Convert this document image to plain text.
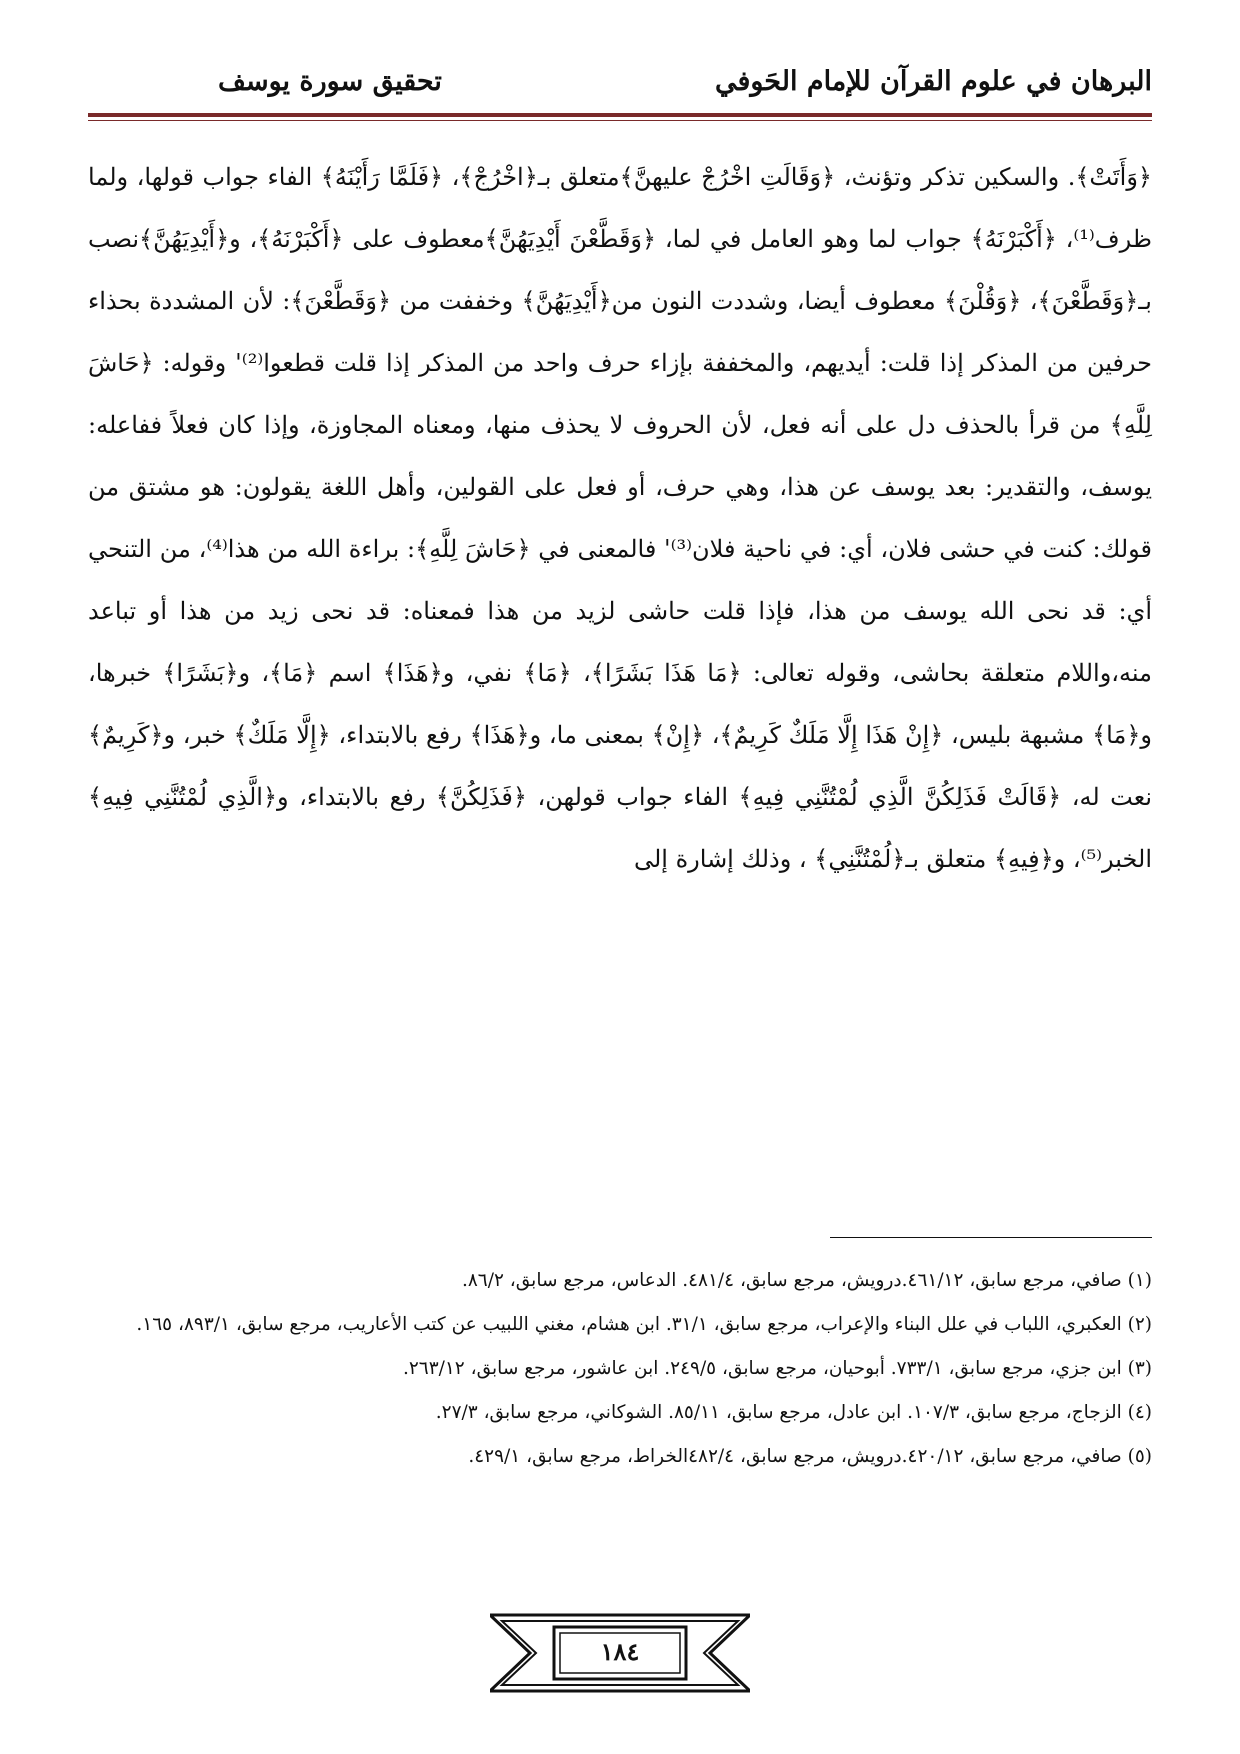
البرهان في علوم القرآن للإمام الحَوفي
تحقيق سورة يوسف

﴿وَأَتَتْ﴾. والسكين تذكر وتؤنث، ﴿وَقَالَتِ اخْرُجْ عليهنَّ﴾متعلق بـ﴿اخْرُجْ﴾، ﴿فَلَمَّا رَأَيْنَهُ﴾ الفاء جواب قولها، ولما ظرف⁽¹⁾، ﴿أَكْبَرْنَهُ﴾ جواب لما وهو العامل في لما، ﴿وَقَطَّعْنَ أَيْدِيَهُنَّ﴾معطوف على ﴿أَكْبَرْنَهُ﴾، و﴿أَيْدِيَهُنَّ﴾نصب بـ﴿وَقَطَّعْنَ﴾، ﴿وَقُلْنَ﴾ معطوف أيضا، وشددت النون من﴿أَيْدِيَهُنَّ﴾ وخففت من ﴿وَقَطَّعْنَ﴾: لأن المشددة بحذاء حرفين من المذكر إذا قلت: أيديهم، والمخففة بإزاء حرف واحد من المذكر إذا قلت قطعوا⁽²⁾' وقوله: ﴿حَاشَ لِلَّهِ﴾ من قرأ بالحذف دل على أنه فعل، لأن الحروف لا يحذف منها، ومعناه المجاوزة، وإذا كان فعلاً ففاعله: يوسف، والتقدير: بعد يوسف عن هذا، وهي حرف، أو فعل على القولين، وأهل اللغة يقولون: هو مشتق من قولك: كنت في حشى فلان، أي: في ناحية فلان⁽³⁾' فالمعنى في ﴿حَاشَ لِلَّهِ﴾: براءة الله من هذا⁽⁴⁾، من التنحي أي: قد نحى الله يوسف من هذا، فإذا قلت حاشى لزيد من هذا فمعناه: قد نحى زيد من هذا أو تباعد منه،واللام متعلقة بحاشى، وقوله تعالى: ﴿مَا هَذَا بَشَرًا﴾، ﴿مَا﴾ نفي، و﴿هَذَا﴾ اسم ﴿مَا﴾، و﴿بَشَرًا﴾ خبرها، و﴿مَا﴾ مشبهة بليس، ﴿إِنْ هَذَا إِلَّا مَلَكٌ كَرِيمٌ﴾، ﴿إِنْ﴾ بمعنى ما، و﴿هَذَا﴾ رفع بالابتداء، ﴿إِلَّا مَلَكٌ﴾ خبر، و﴿كَرِيمٌ﴾ نعت له، ﴿قَالَتْ فَذَلِكُنَّ الَّذِي لُمْتُنَّنِي فِيهِ﴾ الفاء جواب قولهن، ﴿فَذَلِكُنَّ﴾ رفع بالابتداء، و﴿الَّذِي لُمْتُنَّنِي فِيهِ﴾ الخبر⁽⁵⁾، و﴿فِيهِ﴾ متعلق بـ﴿لُمْتُنَّنِي﴾ ، وذلك إشارة إلى

(١) صافي، مرجع سابق، ٤٦١/١٢.درويش، مرجع سابق، ٤٨١/٤. الدعاس، مرجع سابق، ٨٦/٢.

(٢) العكبري، اللباب في علل البناء والإعراب، مرجع سابق، ٣١/١. ابن هشام، مغني اللبيب عن كتب الأعاريب، مرجع سابق، ٨٩٣/١، ١٦٥.

(٣) ابن جزي، مرجع سابق، ٧٣٣/١. أبوحيان، مرجع سابق، ٢٤٩/٥. ابن عاشور، مرجع سابق، ٢٦٣/١٢.

(٤) الزجاج، مرجع سابق، ١٠٧/٣. ابن عادل، مرجع سابق، ٨٥/١١. الشوكاني، مرجع سابق، ٢٧/٣.

(٥) صافي، مرجع سابق، ٤٢٠/١٢.درويش، مرجع سابق، ٤٨٢/٤الخراط، مرجع سابق، ٤٢٩/١.

١٨٤
